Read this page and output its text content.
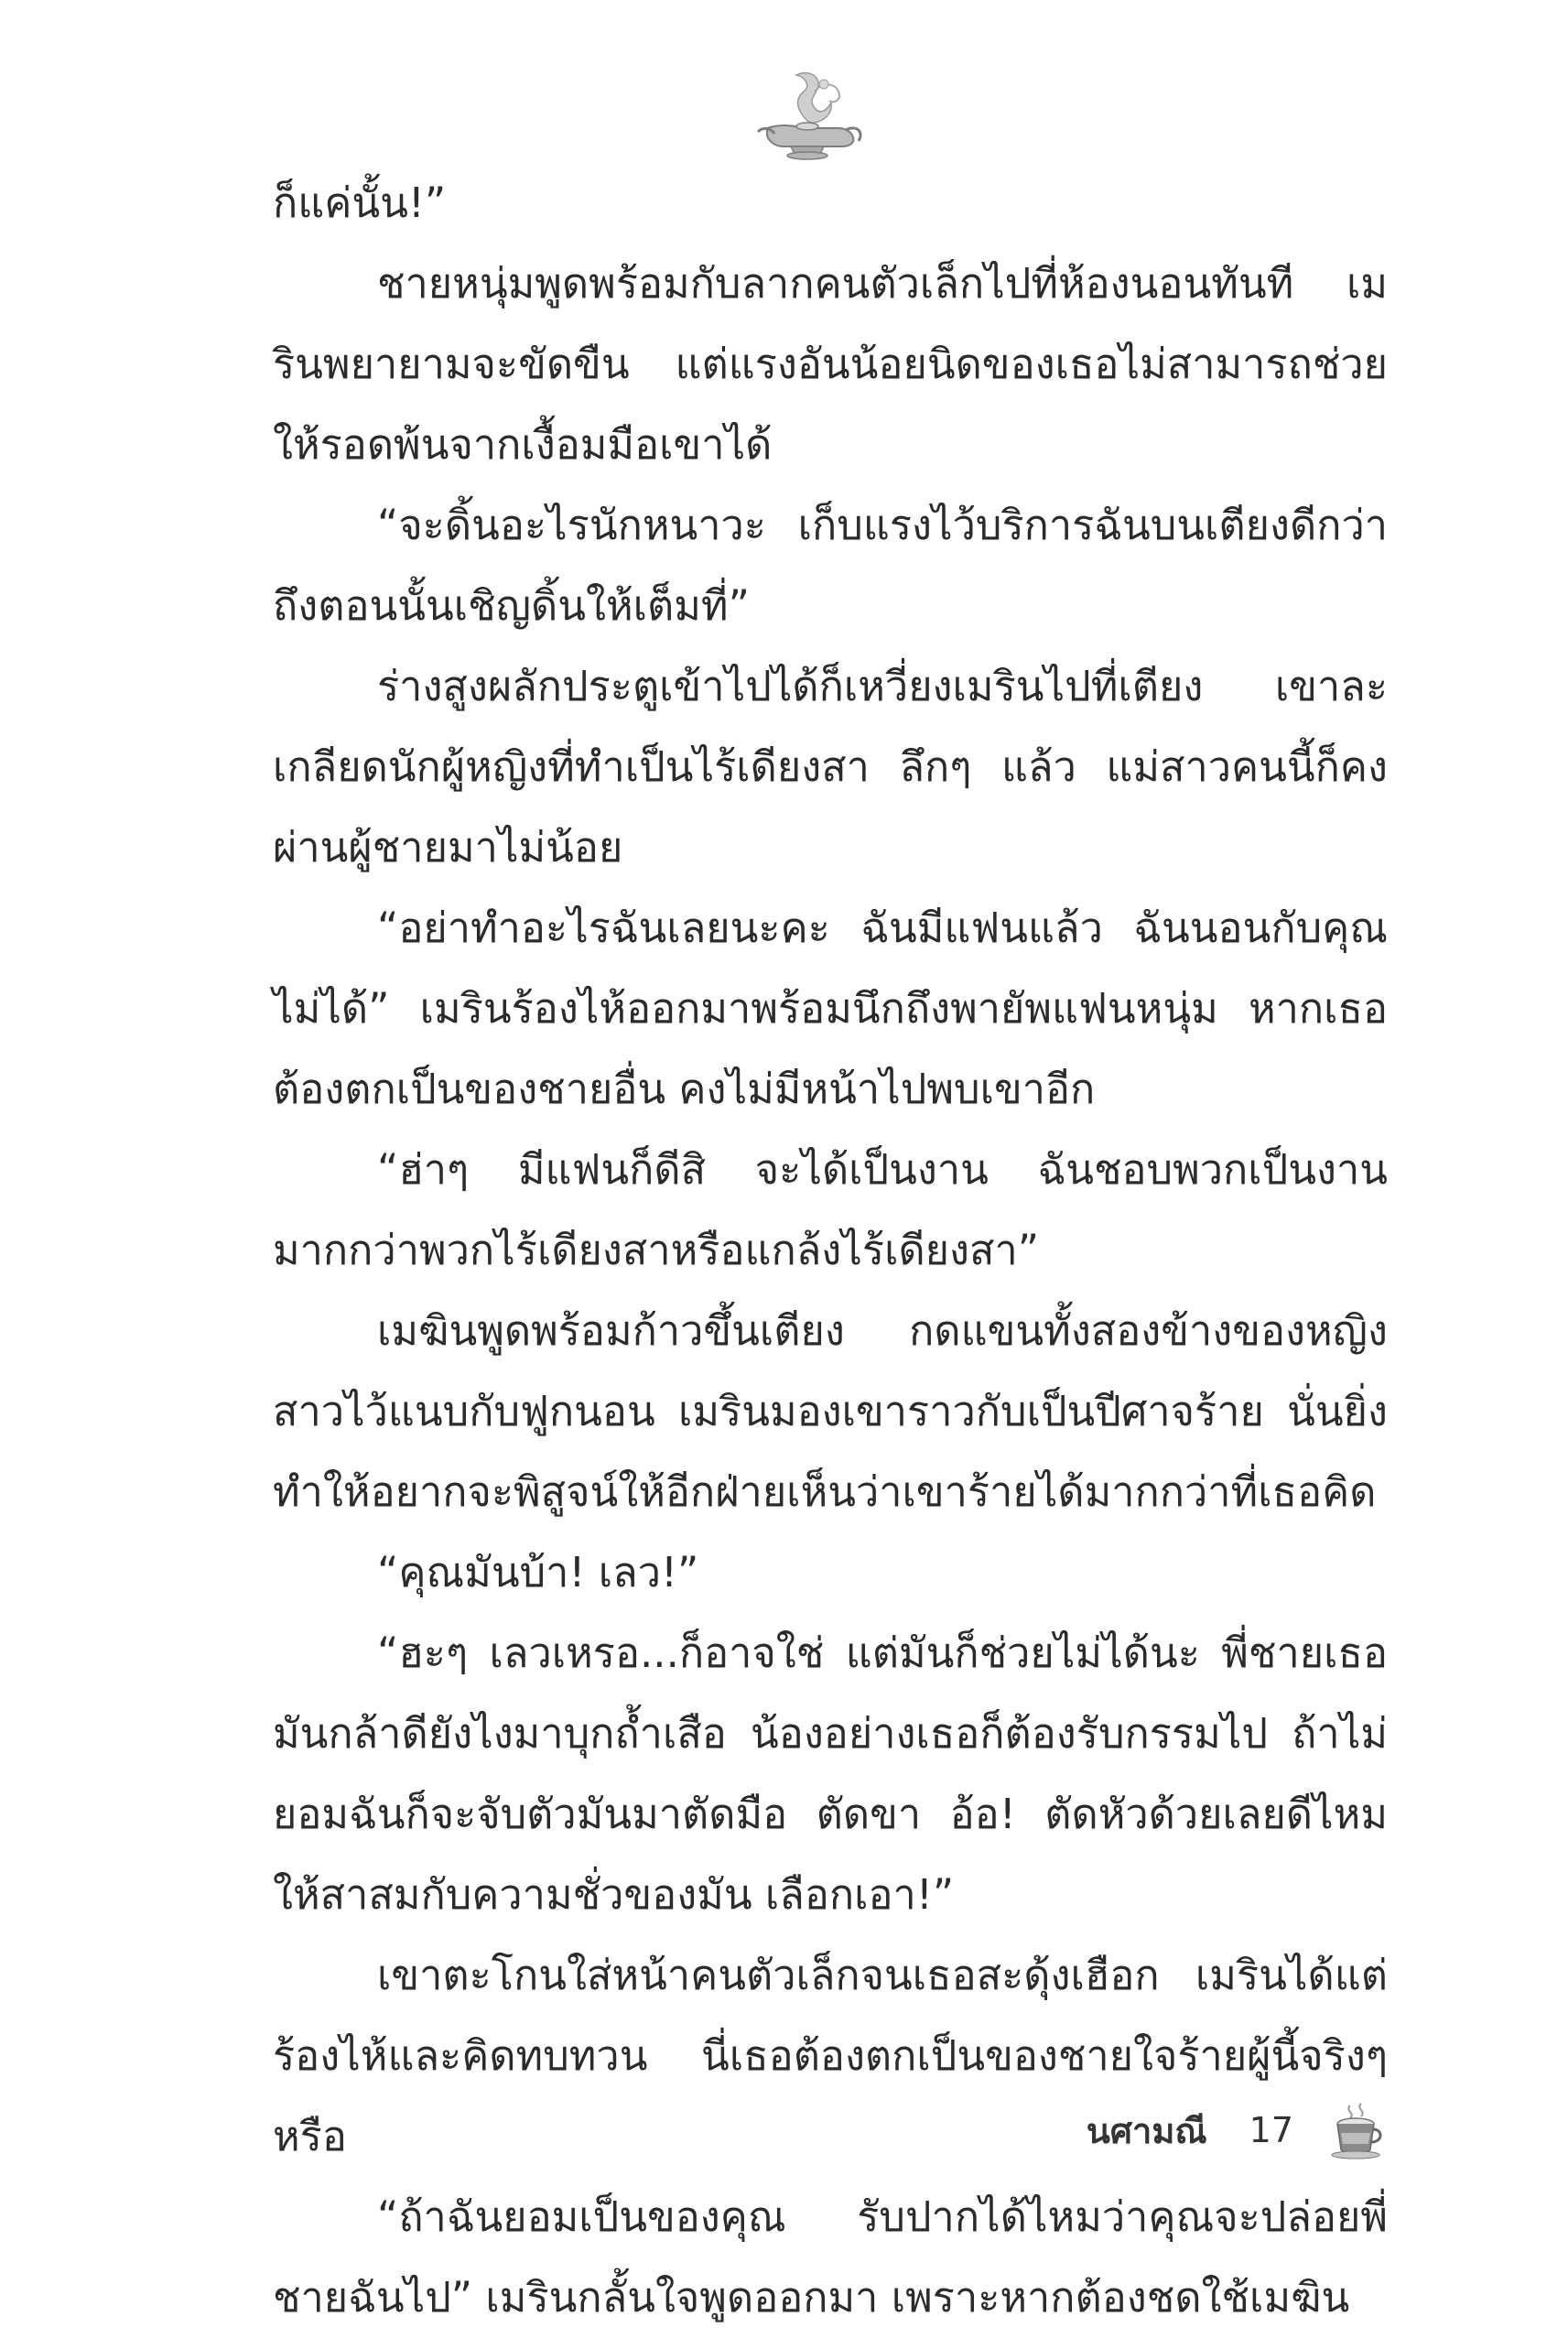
ก็แค่นั้น!”

ชายหนุ่มพูดพร้อมกับลากคนตัวเล็กไปที่ห้องนอนทันที เมรินพยายามจะขัดขืน แต่แรงอันน้อยนิดของเธอไม่สามารถช่วยให้รอดพ้นจากเงื้อมมือเขาได้

“จะดิ้นอะไรนักหนาวะ เก็บแรงไว้บริการฉันบนเตียงดีกว่า ถึงตอนนั้นเชิญดิ้นให้เต็มที่”

ร่างสูงผลักประตูเข้าไปได้ก็เหวี่ยงเมรินไปที่เตียง เขาละเกลียดนักผู้หญิงที่ทำเป็นไร้เดียงสา ลึกๆ แล้ว แม่สาวคนนี้ก็คงผ่านผู้ชายมาไม่น้อย

“อย่าทำอะไรฉันเลยนะคะ ฉันมีแฟนแล้ว ฉันนอนกับคุณไม่ได้” เมรินร้องไห้ออกมาพร้อมนึกถึงพายัพแฟนหนุ่ม หากเธอต้องตกเป็นของชายอื่น คงไม่มีหน้าไปพบเขาอีก

“ฮ่าๆ มีแฟนก็ดีสิ จะได้เป็นงาน ฉันชอบพวกเป็นงานมากกว่าพวกไร้เดียงสาหรือแกล้งไร้เดียงสา”

เมฆินพูดพร้อมก้าวขึ้นเตียง กดแขนทั้งสองข้างของหญิงสาวไว้แนบกับฟูกนอน เมรินมองเขาราวกับเป็นปีศาจร้าย นั่นยิ่งทำให้อยากจะพิสูจน์ให้อีกฝ่ายเห็นว่าเขาร้ายได้มากกว่าที่เธอคิด

“คุณมันบ้า! เลว!”

“ฮะๆ เลวเหรอ...ก็อาจใช่ แต่มันก็ช่วยไม่ได้นะ พี่ชายเธอมันกล้าดียังไงมาบุกถ้ำเสือ น้องอย่างเธอก็ต้องรับกรรมไป ถ้าไม่ยอมฉันก็จะจับตัวมันมาตัดมือ ตัดขา อ้อ! ตัดหัวด้วยเลยดีไหม ให้สาสมกับความชั่วของมัน เลือกเอา!”

เขาตะโกนใส่หน้าคนตัวเล็กจนเธอสะดุ้งเฮือก เมรินได้แต่ร้องไห้และคิดทบทวน นี่เธอต้องตกเป็นของชายใจร้ายผู้นี้จริงๆ หรือ

“ถ้าฉันยอมเป็นของคุณ รับปากได้ไหมว่าคุณจะปล่อยพี่ชายฉันไป” เมรินกลั้นใจพูดออกมา เพราะหากต้องชดใช้เมฆิน

นศามณี 17
